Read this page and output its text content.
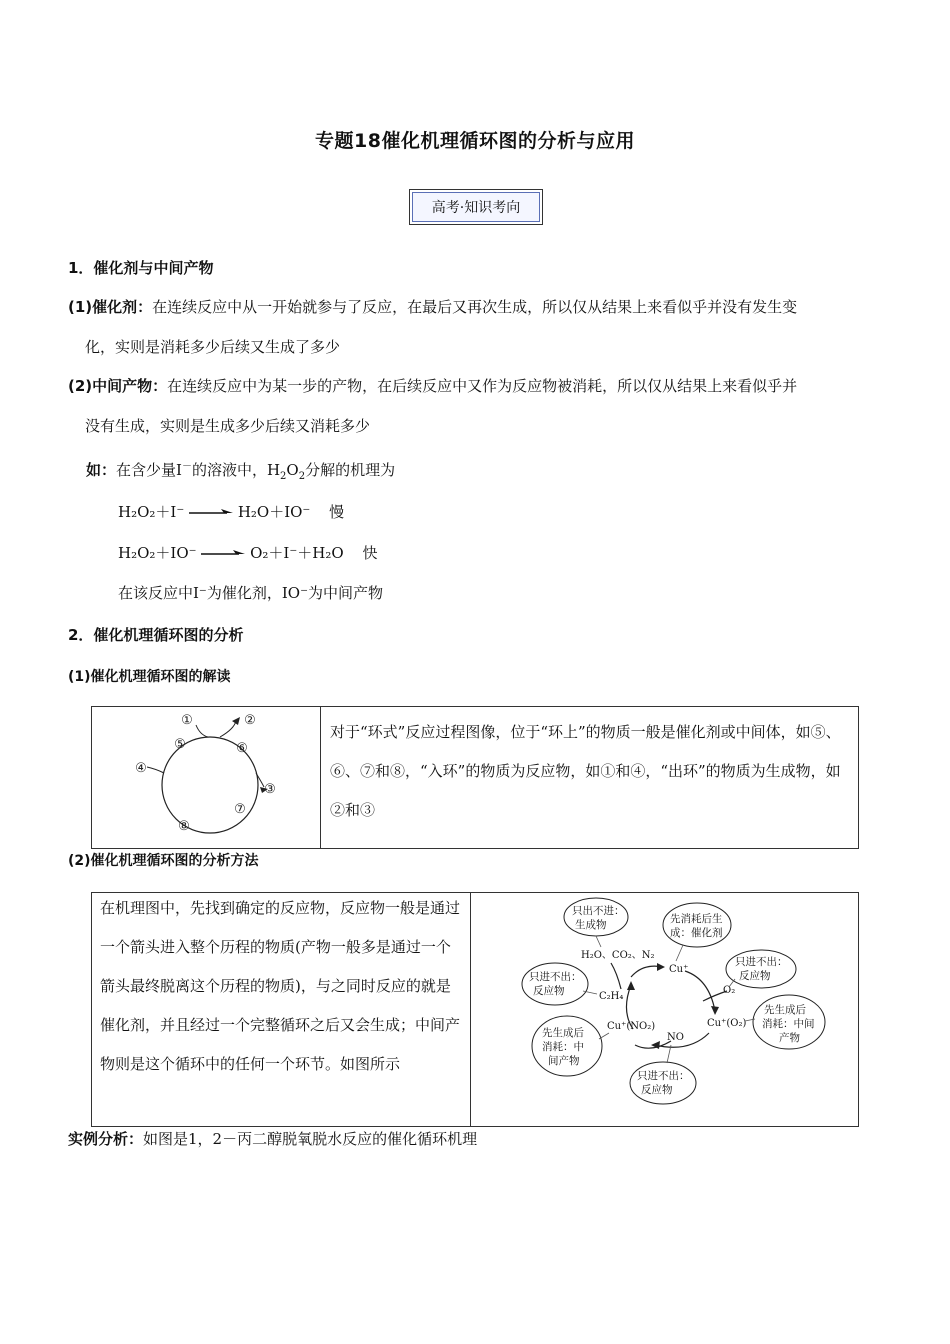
专题18催化机理循环图的分析与应用
高考·知识考向
1．催化剂与中间产物
(1)催化剂：在连续反应中从一开始就参与了反应，在最后又再次生成，所以仅从结果上来看似乎并没有发生变
化，实则是消耗多少后续又生成了多少
(2)中间产物：在连续反应中为某一步的产物，在后续反应中又作为反应物被消耗，所以仅从结果上来看似乎并
没有生成，实则是生成多少后续又消耗多少
如：在含少量I－的溶液中，$H_2O_2$分解的机理为
H₂O₂＋I⁻ → H₂O＋IO⁻ 慢
H₂O₂＋IO⁻ → O₂＋I⁻＋H₂O 快
在该反应中I⁻为催化剂，IO⁻为中间产物
2．催化机理循环图的分析
(1)催化机理循环图的解读
①	②
③
④
⑤	⑥
⑦
⑧
对于“环式”反应过程图像，位于“环上”的物质一般是催化剂或中间体，如⑤、⑥、⑦和⑧，“入环”的物质为反应物，如①和④，“出环”的物质为生成物，如②和③
(2)催化机理循环图的分析方法
在机理图中，先找到确定的反应物，反应物一般是通过一个箭头进入整个历程的物质(产物一般多是通过一个箭头最终脱离这个历程的物质)，与之同时反应的就是催化剂，并且经过一个完整循环之后又会生成；中间产物则是这个循环中的任何一个环节。如图所示
只出不进：
生成物	先消耗后生
成：催化剂
只进不出：
反应物
只进不出：
反应物
先生成后
消耗：中间
产物
先生成后
消耗：中
间产物
只进不出：
反应物
H₂O、CO₂、N₂
Cu⁺
O₂
C₂H₄
Cu⁺(O₂)
Cu⁺(NO₂)
NO
实例分析：如图是1，2－丙二醇脱氧脱水反应的催化循环机理
